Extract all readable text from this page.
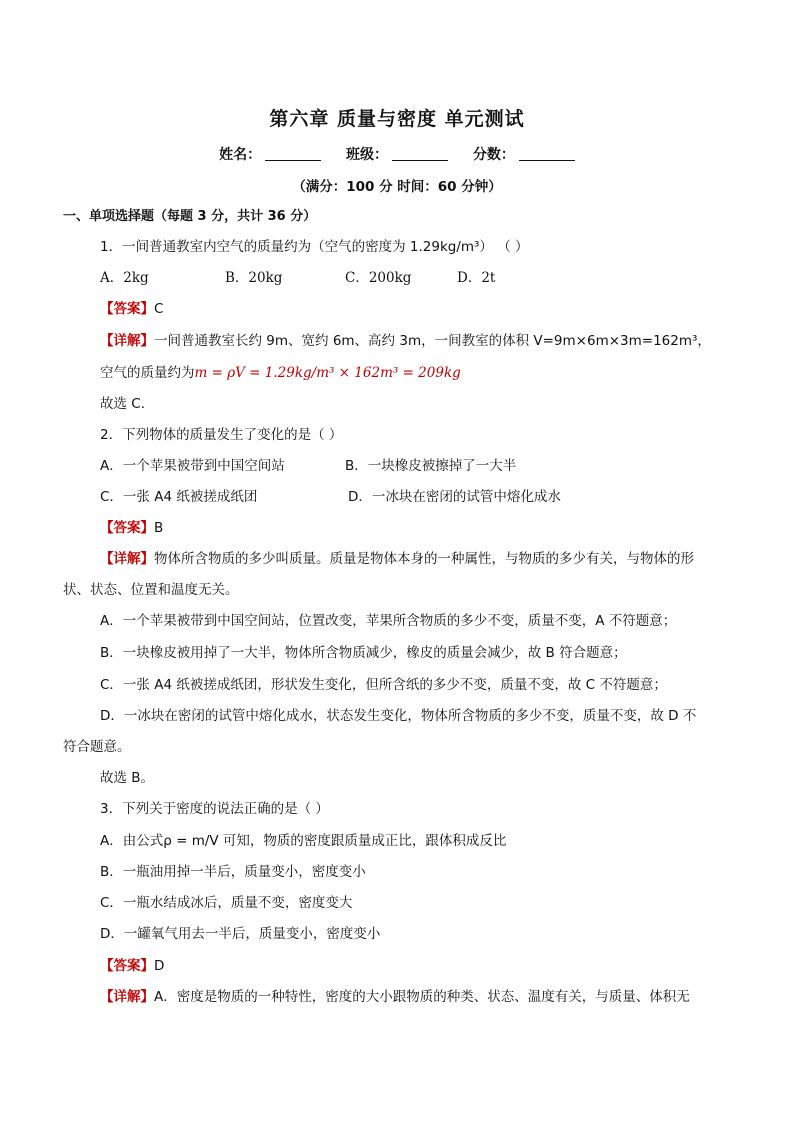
第六章 质量与密度 单元测试
姓名：	班级：	分数：
（满分：100 分 时间：60 分钟）
一、单项选择题（每题 3 分，共计 36 分）
1．一间普通教室内空气的质量约为（空气的密度为 1.29kg/m³） （ ）
A．2kg	B．20kg	C．200kg	D．2t
【答案】C
【详解】一间普通教室长约 9m、宽约 6m、高约 3m，一间教室的体积 V=9m×6m×3m=162m³，
空气的质量约为m = ρV = 1.29kg/m³ × 162m³ = 209kg
故选 C．
2．下列物体的质量发生了变化的是（ ）
A．一个苹果被带到中国空间站	B．一块橡皮被擦掉了一大半
C．一张 A4 纸被搓成纸团	D．一冰块在密闭的试管中熔化成水
【答案】B
【详解】物体所含物质的多少叫质量。质量是物体本身的一种属性，与物质的多少有关，与物体的形
状、状态、位置和温度无关。
A．一个苹果被带到中国空间站，位置改变，苹果所含物质的多少不变，质量不变，A 不符题意；
B．一块橡皮被用掉了一大半，物体所含物质减少，橡皮的质量会减少，故 B 符合题意；
C．一张 A4 纸被搓成纸团，形状发生变化，但所含纸的多少不变，质量不变，故 C 不符题意；
D．一冰块在密闭的试管中熔化成水，状态发生变化，物体所含物质的多少不变，质量不变，故 D 不
符合题意。
故选 B。
3．下列关于密度的说法正确的是（ ）
A．由公式ρ = m/V 可知，物质的密度跟质量成正比，跟体积成反比
B．一瓶油用掉一半后，质量变小，密度变小
C．一瓶水结成冰后，质量不变，密度变大
D．一罐氧气用去一半后，质量变小，密度变小
【答案】D
【详解】A．密度是物质的一种特性，密度的大小跟物质的种类、状态、温度有关，与质量、体积无
